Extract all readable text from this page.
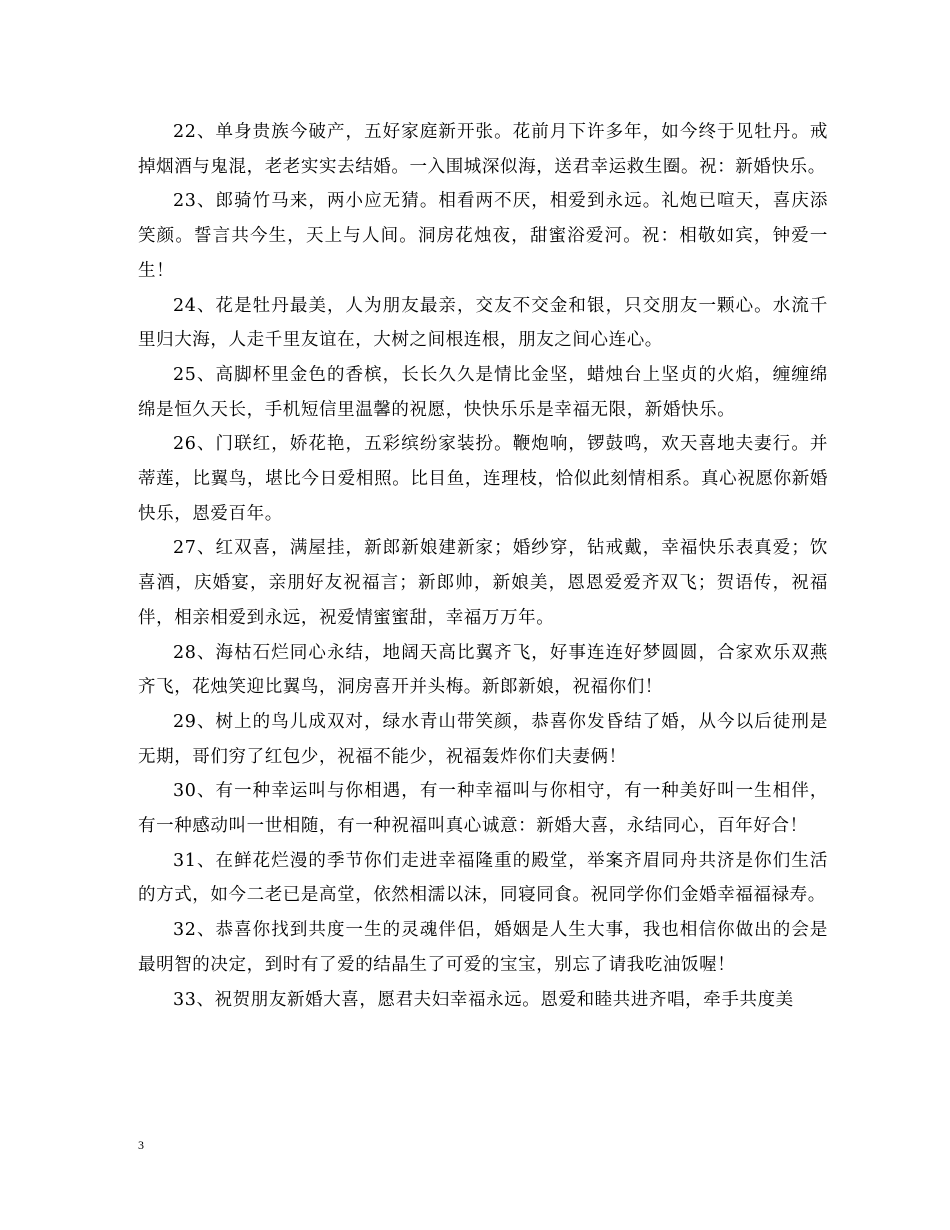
22、单身贵族今破产，五好家庭新开张。花前月下许多年，如今终于见牡丹。戒掉烟酒与鬼混，老老实实去结婚。一入围城深似海，送君幸运救生圈。祝：新婚快乐。

23、郎骑竹马来，两小应无猜。相看两不厌，相爱到永远。礼炮已喧天，喜庆添笑颜。誓言共今生，天上与人间。洞房花烛夜，甜蜜浴爱河。祝：相敬如宾，钟爱一生！

24、花是牡丹最美，人为朋友最亲，交友不交金和银，只交朋友一颗心。水流千里归大海，人走千里友谊在，大树之间根连根，朋友之间心连心。

25、高脚杯里金色的香槟，长长久久是情比金坚，蜡烛台上坚贞的火焰，缠缠绵绵是恒久天长，手机短信里温馨的祝愿，快快乐乐是幸福无限，新婚快乐。

26、门联红，娇花艳，五彩缤纷家装扮。鞭炮响，锣鼓鸣，欢天喜地夫妻行。并蒂莲，比翼鸟，堪比今日爱相照。比目鱼，连理枝，恰似此刻情相系。真心祝愿你新婚快乐，恩爱百年。

27、红双喜，满屋挂，新郎新娘建新家；婚纱穿，钻戒戴，幸福快乐表真爱；饮喜酒，庆婚宴，亲朋好友祝福言；新郎帅，新娘美，恩恩爱爱齐双飞；贺语传，祝福伴，相亲相爱到永远，祝爱情蜜蜜甜，幸福万万年。

28、海枯石烂同心永结，地阔天高比翼齐飞，好事连连好梦圆圆，合家欢乐双燕齐飞，花烛笑迎比翼鸟，洞房喜开并头梅。新郎新娘，祝福你们！

29、树上的鸟儿成双对，绿水青山带笑颜，恭喜你发昏结了婚，从今以后徒刑是无期，哥们穷了红包少，祝福不能少，祝福轰炸你们夫妻俩！

30、有一种幸运叫与你相遇，有一种幸福叫与你相守，有一种美好叫一生相伴，有一种感动叫一世相随，有一种祝福叫真心诚意：新婚大喜，永结同心，百年好合！

31、在鲜花烂漫的季节你们走进幸福隆重的殿堂，举案齐眉同舟共济是你们生活的方式，如今二老已是高堂，依然相濡以沫，同寝同食。祝同学你们金婚幸福福禄寿。

32、恭喜你找到共度一生的灵魂伴侣，婚姻是人生大事，我也相信你做出的会是最明智的决定，到时有了爱的结晶生了可爱的宝宝，别忘了请我吃油饭喔！

33、祝贺朋友新婚大喜，愿君夫妇幸福永远。恩爱和睦共进齐唱，牵手共度美

3
